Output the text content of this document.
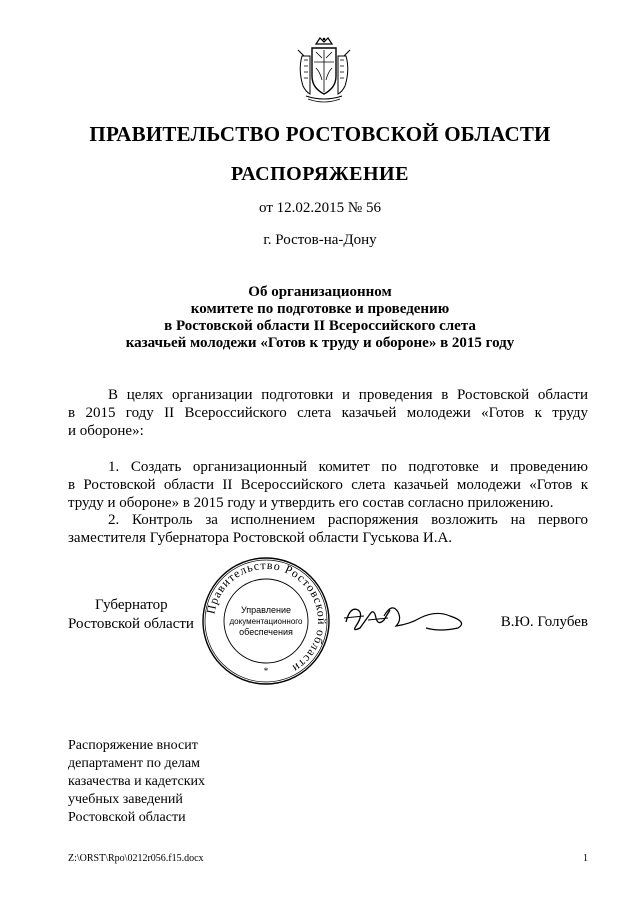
ПРАВИТЕЛЬСТВО РОСТОВСКОЙ ОБЛАСТИ
РАСПОРЯЖЕНИЕ
от 12.02.2015 № 56
г. Ростов-на-Дону
Об организационном
комитете по подготовке и проведению
в Ростовской области II Всероссийского слета
казачьей молодежи «Готов к труду и обороне» в 2015 году
В целях организации подготовки и проведения в Ростовской области
в 2015 году II Всероссийского слета казачьей молодежи «Готов к труду
и обороне»:
1. Создать организационный комитет по подготовке и проведению
в Ростовской области II Всероссийского слета казачьей молодежи «Готов к
труду и обороне» в 2015 году и утвердить его состав согласно приложению.
2. Контроль за исполнением распоряжения возложить на первого
заместителя Губернатора Ростовской области Гуськова И.А.
Губернатор
Ростовской области
Правительство Ростовской области
*
Управление
документационного
обеспечения
В.Ю. Голубев
Распоряжение вносит
департамент по делам
казачества и кадетских
учебных заведений
Ростовской области
Z:\ORST\Rpo\0212r056.f15.docx	1
